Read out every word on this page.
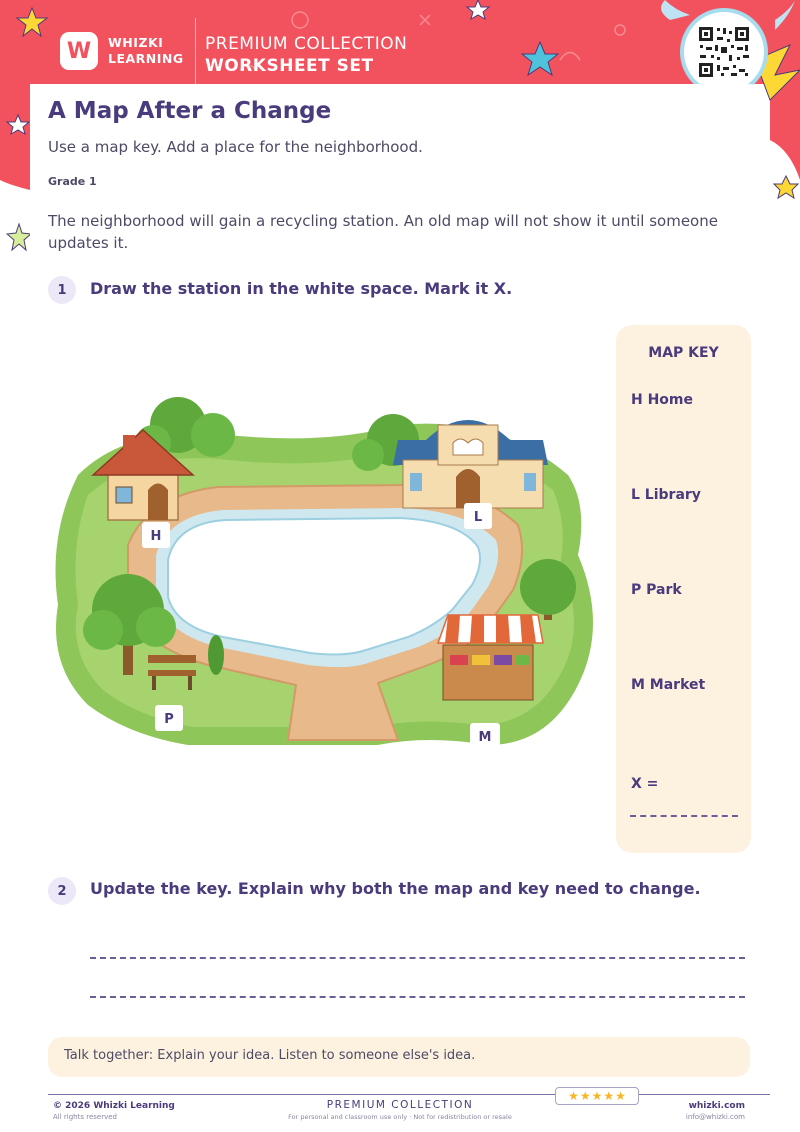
W WHIZKI
LEARNING
PREMIUM COLLECTION
WORKSHEET SET
A Map After a Change
Use a map key. Add a place for the neighborhood.
Grade 1
The neighborhood will gain a recycling station. An old map will not show it until someone updates it.
1	Draw the station in the white space. Mark it X.
H
L
P
M
MAP KEY
H Home
L Library
P Park
M Market
X =
2	Update the key. Explain why both the map and key need to change.
Talk together: Explain your idea. Listen to someone else's idea.
© 2026 Whizki Learning
All rights reserved
PREMIUM COLLECTION
For personal and classroom use only · Not for redistribution or resale
★ ★ ★ ★ ★
whizki.com
info@whizki.com
